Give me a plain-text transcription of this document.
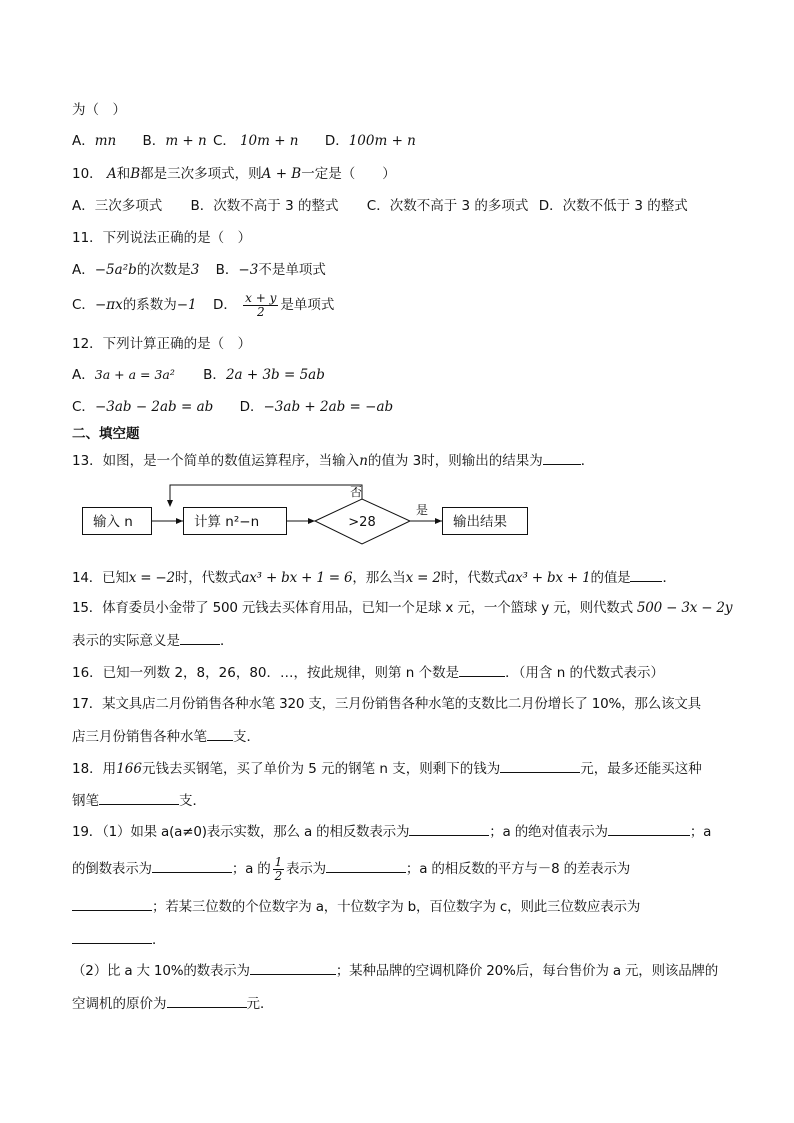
为（　）
A．mn B．m + n C． 10m + n D．100m + n
10． A和B都是三次多项式，则A + B一定是（　　）
A．三次多项式 B．次数不高于 3 的整式 C．次数不高于 3 的多项式 D．次数不低于 3 的整式
11．下列说法正确的是（　）
A．−5a²b的次数是3 B．−3不是单项式
C．−πx的系数为−1 D． $\frac{x + y}{2}$ 是单项式
12．下列计算正确的是（　）
A．3a + a = 3a² B．2a + 3b = 5ab
C．−3ab − 2ab = ab D．−3ab + 2ab = −ab
二、填空题
13．如图，是一个简单的数值运算程序，当输入n的值为 3时，则输出的结果为	．
>28
否
是
输入 n	计算 n²−n	输出结果
14．已知x = −2时，代数式ax³ + bx + 1 = 6，那么当x = 2时，代数式ax³ + bx + 1的值是 ．
15．体育委员小金带了 500 元钱去买体育用品，已知一个足球 x 元，一个篮球 y 元，则代数式 500 − 3x − 2y
表示的实际意义是	．
16．已知一列数 2，8，26，80．…，按此规律，则第 n 个数是	．（用含 n 的代数式表示）
17．某文具店二月份销售各种水笔 320 支，三月份销售各种水笔的支数比二月份增长了 10%，那么该文具
店三月份销售各种水笔 支．
18．用166元钱去买钢笔，买了单价为 5 元的钢笔 n 支，则剩下的钱为	元，最多还能买这种
钢笔	支．
19．（1）如果 a(a≠0)表示实数，那么 a 的相反数表示为	；a 的绝对值表示为	；a
的倒数表示为	；a 的 $\frac{1}{2}$ 表示为	；a 的相反数的平方与－8 的差表示为
；若某三位数的个位数字为 a，十位数字为 b，百位数字为 c，则此三位数应表示为
．
（2）比 a 大 10%的数表示为	；某种品牌的空调机降价 20%后，每台售价为 a 元，则该品牌的
空调机的原价为	元．
